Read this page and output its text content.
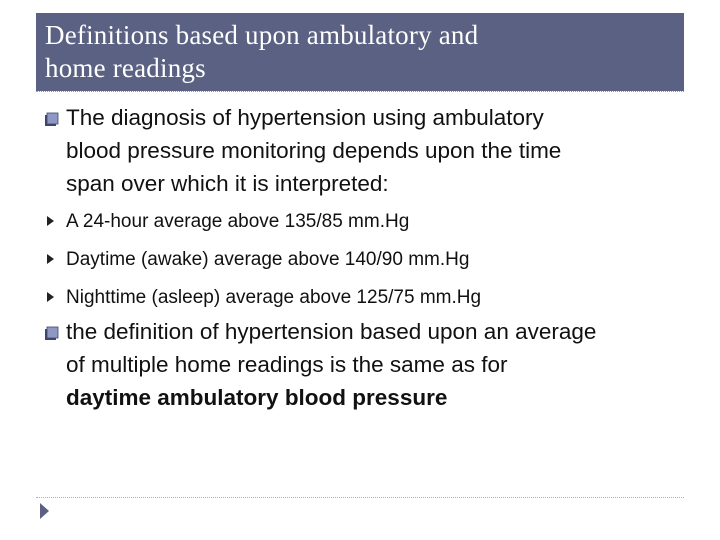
Definitions based upon ambulatory and
home readings
The diagnosis of hypertension using ambulatory
blood pressure monitoring depends upon the time
span over which it is interpreted:
A 24-hour average above 135/85 mm.Hg
Daytime (awake) average above 140/90 mm.Hg
Nighttime (asleep) average above 125/75 mm.Hg
the definition of hypertension based upon an average
of multiple home readings is the same as for
daytime ambulatory blood pressure
